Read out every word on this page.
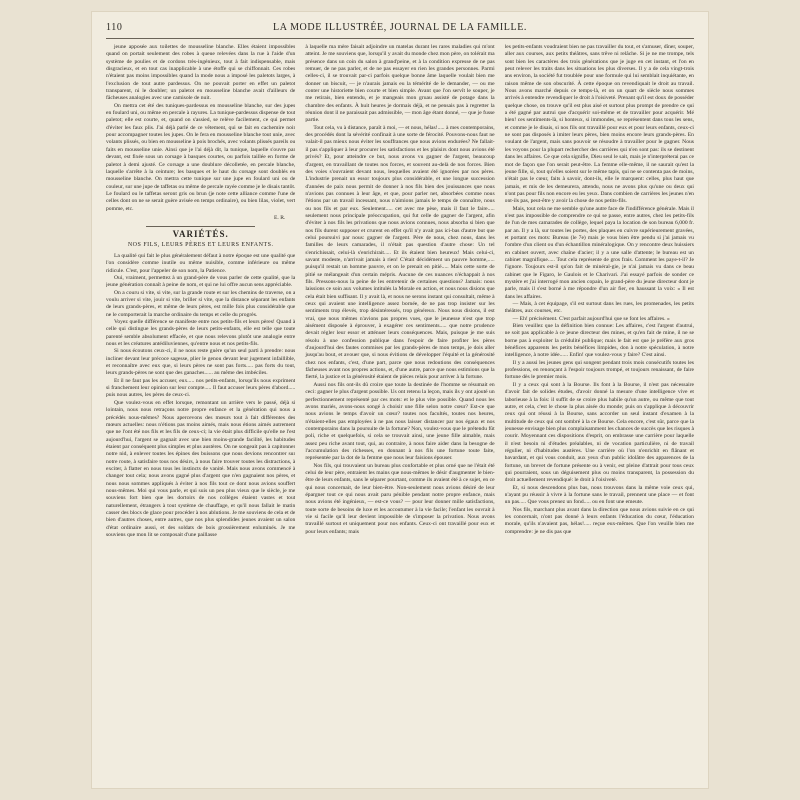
110	LA MODE ILLUSTRÉE, JOURNAL DE LA FAMILLE.

jeune apposée aux toilettes de mousseline blanche. Elles étaient impossibles quand on portait seulement des robes à queue relevées dans la rue à l'aide d'un système de poulies et de cordons très-ingénieux, tout à fait indispensable, mais disgracieux, et en tout cas inapplicable à une étoffe qui se chiffonnait. Ces robes n'étaient pas moins impossibles quand la mode nous a imposé les paletots larges, à l'exclusion de tout autre pardessus. On ne pouvait porter en effet un paletot transparent, ni le doubler; un paletot en mousseline blanche avait d'ailleurs de fâcheuses analogies avec une camisole de nuit.

On mettra cet été des tuniques-pardessus en mousseline blanche, sur des jupes en foulard uni, ou même en percale à rayures. La tunique-pardessus dispense de tout paletot; elle est courte, et, quand on s'assied, se relève facilement, ce qui permet d'éviter les faux plis. J'ai déjà parlé de ce vêtement, qui se fait en cachemire noir pour accompagner toutes les jupes. On le fera en mousseline blanche tout unie, avec volants plissés, ou bien en mousseline à pois brochés, avec volants plissés pareils ou faits en mousseline unie. Ainsi que je l'ai déjà dit, la tunique, laquelle s'ouvre par devant, est fixée sous un corsage à basques courtes, ou parfois taillée en forme de paletot à demi ajusté. Ce corsage a une doublure décolletée, en percale blanche, laquelle s'arrête à la ceinture; les basques et le haut du corsage sont doublés en mousseline blanche. On mettra cette tunique sur une jupe en foulard uni ou de couleur, sur une jupe de taffetas ou même de percale rayée comme je le disais tantôt. Le foulard ou le taffetas seront gris ou brun (je note cette alliance comme l'une de celles dont on ne se serait guère avisée en temps ordinaire), ou bien lilas, violet, vert pomme, etc.

E. R.
VARIÉTÉS.
NOS FILS, LEURS PÈRES ET LEURS ENFANTS.

La qualité qui fait le plus généralement défaut à notre époque est une qualité que l'on considère comme inutile ou même nuisible, comme inférieure ou même ridicule. C'est, pour l'appeler de son nom, la Patience.

Oui, vraiment, permettez à un grand-père de vous parler de cette qualité, que la jeune génération connaît à peine de nom, et qui ne lui offre aucun sens appréciable.

On a couru si vite, si vite, sur la grande route et sur les chemins de traverse, on a voulu arriver si vite, jouir si vite, briller si vite, que la distance séparant les enfants de leurs grands-pères, et même de leurs pères, est mille fois plus considérable que ne le comporterait la marche ordinaire du temps et celle du progrès.

Voyez quelle différence se manifeste entre nos petits-fils et leurs pères! Quand à celle qui distingue les grands-pères de leurs petits-enfants, elle est telle que toute parenté semble absolument effacée, et que nous relevons plutôt une analogie entre nous et les créatures antédiluviennes, qu'entre nous et nos petits-fils.

Si nous écoutons ceux-ci, il ne nous reste guère qu'un seul parti à prendre: nous incliner devant leur précoce sagesse, plier le genou devant leur jugement infaillible, et reconnaître avec eux que, si leurs pères ne sont pas forts..... pas forts du tout, leurs grands-pères ne sont que des ganaches...... au même des imbéciles.

Et il ne faut pas les accuser, eux..... nos petits-enfants, lorsqu'ils nous expriment si franchement leur opinion sur leur compte..... Il faut accuser leurs pères d'abord..... puis nous autres, les pères de ceux-ci.

Que voulez-vous en effet lorsque, remontant un arrière vers le passé, déjà si lointain, nous nous retraçons notre propre enfance et la génération qui nous a précédés nous-mêmes? Nous apercevons des mœurs tout à fait différentes des mœurs actuelles: nous n'étions pas moins aimés, mais nous étions aimés autrement que ne l'ont été nos fils et les fils de ceux-ci; la vie était plus difficile qu'elle ne l'est aujourd'hui, l'argent se gagnait avec une bien moins-grande facilité, les habitudes étaient par conséquent plus simples et plus austères. On ne songeait pas à capitonner notre nid, à enlever toutes les épines des buissons que nous devions rencontrer sur notre route, à satisfaire tous nos désirs, à nous faire trouver toutes les distractions, à exciter, à flatter en nous tous les instincts de vanité. Mais nous avons commencé à changer tout cela; nous avons gagné plus d'argent que n'en gagnaient nos pères, et nous nous sommes appliqués à éviter à nos fils tout ce dont nous avions souffert nous-mêmes. Moi qui vous parle, et qui suis un peu plus vieux que le siècle, je me souviens fort bien que les dortoirs de nos collèges étaient vastes et tout naturellement, étrangers à tout système de chauffage, et qu'il nous fallait le matin casser des blocs de glace pour procéder à nos ablutions. Je me souviens de cela et de bien d'autres choses, entre autres, que nos plus splendides jeunes avaient un salon d'état ordinaire aussi, et des soldats de bois grossièrement enluminés. Je me souviens que mon lit se composait d'une paillasse

à laquelle ma mère faisait adjoindre un matelas durant les rares maladies qui m'ont atteint. Je me souviens que, lorsqu'il y avait du monde chez mon père, on tolérait ma présence dans un coin du salon à grand'peine, et à la condition expresse de ne pas remuer, de ne pas parler, et de ne pas essayer en rien les grandes personnes. Parmi celles-ci, il se trouvait par-ci parfois quelque bonne âme laquelle voulait bien me donner un biscuit, — je n'aurais jamais eu la témérité de le demander, — ou me conter une historiette bien courte et bien simple. Avant que l'on servît le souper, je me retirais, bien entendu, et je mangeais mon gruau assisté de potage dans la chambre des enfants. À huit heures je dormais déjà, et ne pensais pas à regretter la réunion dont il ne paraissait pas admissible, — mon âge étant donné, — que je fusse partie.

Tout cela, vu à distance, paraît à moi, — et nous, hélas!..... à mes contemporains, des procédés dont la sévérité confinait à une sorte de férocité. Pouvons-nous faut ne valait-il pas mieux nous éviter les souffrances que nous avions endurées? Ne fallait-il pas s'appliquer à leur procurer les satisfactions et les plaisirs dont nous avions été privés? Et, pour atteindre ce but, nous avons vu gagner de l'argent, beaucoup d'argent, en travaillant de toutes nos forces, et souvent au-delà de nos forces. Bien des voies s'ouvraient devant nous, lesquelles avaient été ignorées par nos pères. L'industrie prenait un essor toujours plus considérable, et une longue succession d'années de paix nous permit de donner à nos fils bien des jouissances que nous n'avions pas connues à leur âge, et que, pour parler net, absorbées comme nous l'étions par un travail incessant, nous n'aimions jamais le temps de connaître, nous ou nos fils et par eux. Seulement..... cet avec me pèse, mais il faut le faire..... seulement nous principale préoccupation, qui fut celle de gagner de l'argent, afin d'éviter à nos fils les privations que nous avions connues, nous absorba si bien que nos fils durent supposer et crurent en effet qu'il n'y avait pas ici-bas d'autre but que celui poursuivi par nous: gagner de l'argent. Père de nous, chez nous, dans les familles de leurs camarades, il n'était pas question d'autre chose: Un tel s'enrichissait, celui-là s'enrichirait..... Et ils étaient bien heureux! Mais celui-ci, savant modeste, n'arrivait jamais à rien! C'était décidément un pauvre homme,..... puisqu'il restait un homme pauvre, et on le prenait en pitié..... Mais cette sorte de pitié se mélangeait d'un certain mépris. Aucune de ces nuances n'échappait à nos fils. Pressons-nous la peine de les entretenir de certaines questions? Jamais: nous laissions ce soin aux volumes intitulés la Morale en action, et nous nous disions que cela était bien suffisant. Il y avait là, et nous ne serons instant qui consultait, même à ceux qui avaient une intelligence assez bornée, de ne pas trop insister sur les sentiments trop élevés, trop désintéressés, trop généreux. Nous nous disions, il est vrai, que nous mêmes n'avions pas propres vues, que le jeunesse n'est que trop aisément disposée à éprouver, à exagérer ces sentiments..... que notre prudence devait régler leur essor et atténuer leurs conséquences. Mais, puisque je me suis résolu à une confession publique dans l'espoir de faire profiter les pères d'aujourd'hui des fautes commises par les grands-pères de mon temps, je dois aller jusqu'au bout, et avouer que, si nous évitions de développer l'équité et la générosité chez nos enfants, c'est, d'une part, parce que nous redoutions des conséquences fâcheuses avant nos propres actions, et, d'une autre, parce que nous estimions que la fierté, la justice et la générosité étaient de pièces relais pour arriver à la fortune.

Aussi nos fils ont-ils dû croire que toute la destinée de l'homme se résumait en ceci: gagner le plus d'argent possible. Us ont retenu la leçon, mais ils y ont ajouté un perfectionnement représenté par ces mots: et le plus vite possible. Quand nous les avons mariés, avons-nous songé à choisir une fille selon notre cœur? Est-ce que nous avions le temps d'avoir un cœur? toutes nos facultés, toutes nos heures, n'étaient-elles pas employées à ne pas nous laisser distancer par nos égaux et nos contemporains dans la poursuite de la fortune? Non, voulez-vous que le prétendu fût poli, riche et quelquefois, si cela se trouvait ainsi, une jeune fille aimable, mais assez peu riche avant tout, qui, au contraire, à nous faire aider dans la besogne de l'accumulation des richesses, en donnant à nos fils une fortune toute faite, représentée par la dot de la femme que nous leur faisions épouser.

Nos fils, qui trouvaient un bureau plus confortable et plus orné que ne l'était été celui de leur père, entraient les mains que nous-mêmes le désir d'augmenter le bien-être de leurs enfants, sans le séparer pourtant, comme ils avaient été à ce sujet, en ce qui nous concernait, de leur bien-être. Non-seulement nous avions désiré de leur épargner tout ce qui nous avait paru pénible pendant notre propre enfance, mais nous avions été ingénieux, — est-ce vous? — pour leur donner mille satisfactions, toute sorte de besoins de luxe et les accoutumer à la vie facile; l'enfant les ouvrait à vie si facile qu'il leur devient impossible de s'imposer la privation. Nous avons travaillé surtout et uniquement pour nos enfants. Ceux-ci ont travaillé pour eux et pour leurs enfants; mais

les petits-enfants voudraient bien ne pas travailler du tout, et s'amuser, dîner, souper, aller aux courses, aux petits théâtres, sans trêve ni relâche. Si je ne me trompe, tels sont bien les caractères des trois générations que je juge en cet instant, et l'on en peut relever les traits dans les situations les plus diverses. Il y a de cela vingt-trois ans environ, la société fut troublée pour une formule qui lui semblait inquiétante, en raison même de son obscurité. À cette époque on revendiquait le droit au travail. Nous avons marché depuis ce temps-là, et on un quart de siècle nous sommes arrivés à entendre revendiquer le droit à l'oisiveté. Prenant qu'il est doux de posséder quelque chose, on trouve qu'il est plus aisé et surtout plus prompt de prendre ce qui a été gagné par autrui que d'acquérir soi-même et de travailler pour acquérir. Mé bien! ces sentiments-là, si honteux, si immondes, se représentent dans tous les sens, et comme je le disais, si nos fils ont travaillé pour eux et pour leurs enfants, ceux-ci ne sont pas disposés à imiter leurs pères, bien moins encore leurs grands-pères. En voulant de l'argent, mais sans pouvoir se résoudre à travailler pour le gagner. Nous les voyons pour la plupart rechercher des carrières qui n'en sont pas: ils se destinent dans les affaires. Ce que cela signifie, Dieu seul le sait, mais je n'interpréterai pas ce mot de façon que l'on serait peut-être. La femme elle-même, il ne saurait qu'est la jeune fille, si, tout qu'elles soient sur le même tapis, qui ne se contenta pas de moins, n'était pas le cœur, faits à savoir, dont-ils, elle le marquent: celles, plus haut que jamais, et mis de les demeurera, attendu, nous ne avons plus qu'une ou deux qui n'ont pas pour fils non encore eu les yeux. Dans combien de carrières les jeunes n'en ont-ils pas, peut-être y avoir la chose de nos petits-fils.

Mais, tout cela ne me semble qu'une autre face de l'indifférence générale. Mais il n'est pas impossible de comprendre ce qui se passe, entre autres, chez les petits-fils de l'un de mes camarades de collège, lequel paya la location de son bureau 6,000 fr. par an. Il y a là, sur toutes les portes, des plaques en cuivre supérieurement gravées, et portant ces mots: Bureau (le 7e) mais je vous bien être pendu si j'ai jamais vu l'ombre d'un client ou d'un échantillon minéralogique. On y rencontre deux huissiers en cabinet ouvert, avec chaîne d'acier; il y a une salle d'attente; le bureau est un cabinet magnifique..... Tout cela représente de gros frais. Comment les paye-t-il? Je l'ignore. Toujours est-il qu'on fait de minéral-gie, je n'ai jamais vu dans ce beau cabinet que le Figaro, le Gaulois et le Charivari. J'ai essayé parfois de sonder ce mystère et j'ai interrogé mon ancien copain, le grand-père du jeune directeur dont je parle, mais il s'est borné à me répondre d'un air fier, en haussant la voix: « Il est dans les affaires.

— Mais, à cet équipage, s'il est surtout dans les rues, les promenades, les petits théâtres, aux courses, etc.

— Eh! précisément. C'est parfait aujourd'hui que se font les affaires. »

Bien veuillez que la définition bien connue: Les affaires, c'est l'argent d'autrui, ne soit pas applicable à ce jeune directeur des mines, et qu'en fait de mine, il ne se borne pas à exploiter la crédulité publique; mais le fait est que je préfère aux gros bénéfices apparents les petits bénéfices limpides, don à notre spéculation, à notre intelligence, à notre idée...... Enfin! que voulez-vous y faire? C'est ainsi.

Il y a aussi les jeunes gens qui songent pendant trois mois consécutifs toutes les professions, en renonçant à l'espoir toujours trompé, et toujours renaissant, de faire fortune dès le premier mois.

Il y a ceux qui sont à la Bourse. Ils font à la Bourse, il n'est pas nécessaire d'avoir fait de solides études, d'avoir donné la mesure d'une intelligence vive et laborieuse à la fois: il suffit de se croire plus habile qu'un autre, ou même que tout autre, et cela, c'est le chose la plus aisée du monde; puis on s'applique à découvrir ceux qui ont réussi à la Bourse, sans accorder un seul instant d'examen à la multitude de ceux qui ont sombré à la ce Bourse. Cela encore, c'est sûr, parce que la jeunesse envisage bien plus complaisamment les chances de succès que les risques à courir. Moyennant ces dispositions d'esprit, on embrasse une carrière pour laquelle il n'est besoin ni d'études préalables, ni de vocation particulière, ni de travail régulier, ni d'habitudes austères. Une carrière où l'on n'enrichit en flânant et bavardant, et qui vous conduit, aux yeux d'un public idolâtre des apparences de la fortune, un brevet de fortune présente ou à venir, est pleine d'attrait pour tous ceux qui pourraient, sous un déguisement plus ou moins transparent, la possession du droit actuellement revendiqué: le droit à l'oisiveté.

Et, si nous descendons plus bas, nous trouvons dans la même voie ceux qui, n'ayant pu réussir à vivre à la fortune sans le travail, prennent une place — et font un pas..... Que vous prenez un fond..... ou en font une emeute.

Nos fils, marchant plus avant dans la direction que nous avions suivie en ce qui les concernait, n'ont pas donné à leurs enfants l'éducation du cœur, l'éducation morale, qu'ils n'avaient pas, hélas!..... reçue eux-mêmes. Que l'on veuille bien me comprendre: je ne dis pas que
